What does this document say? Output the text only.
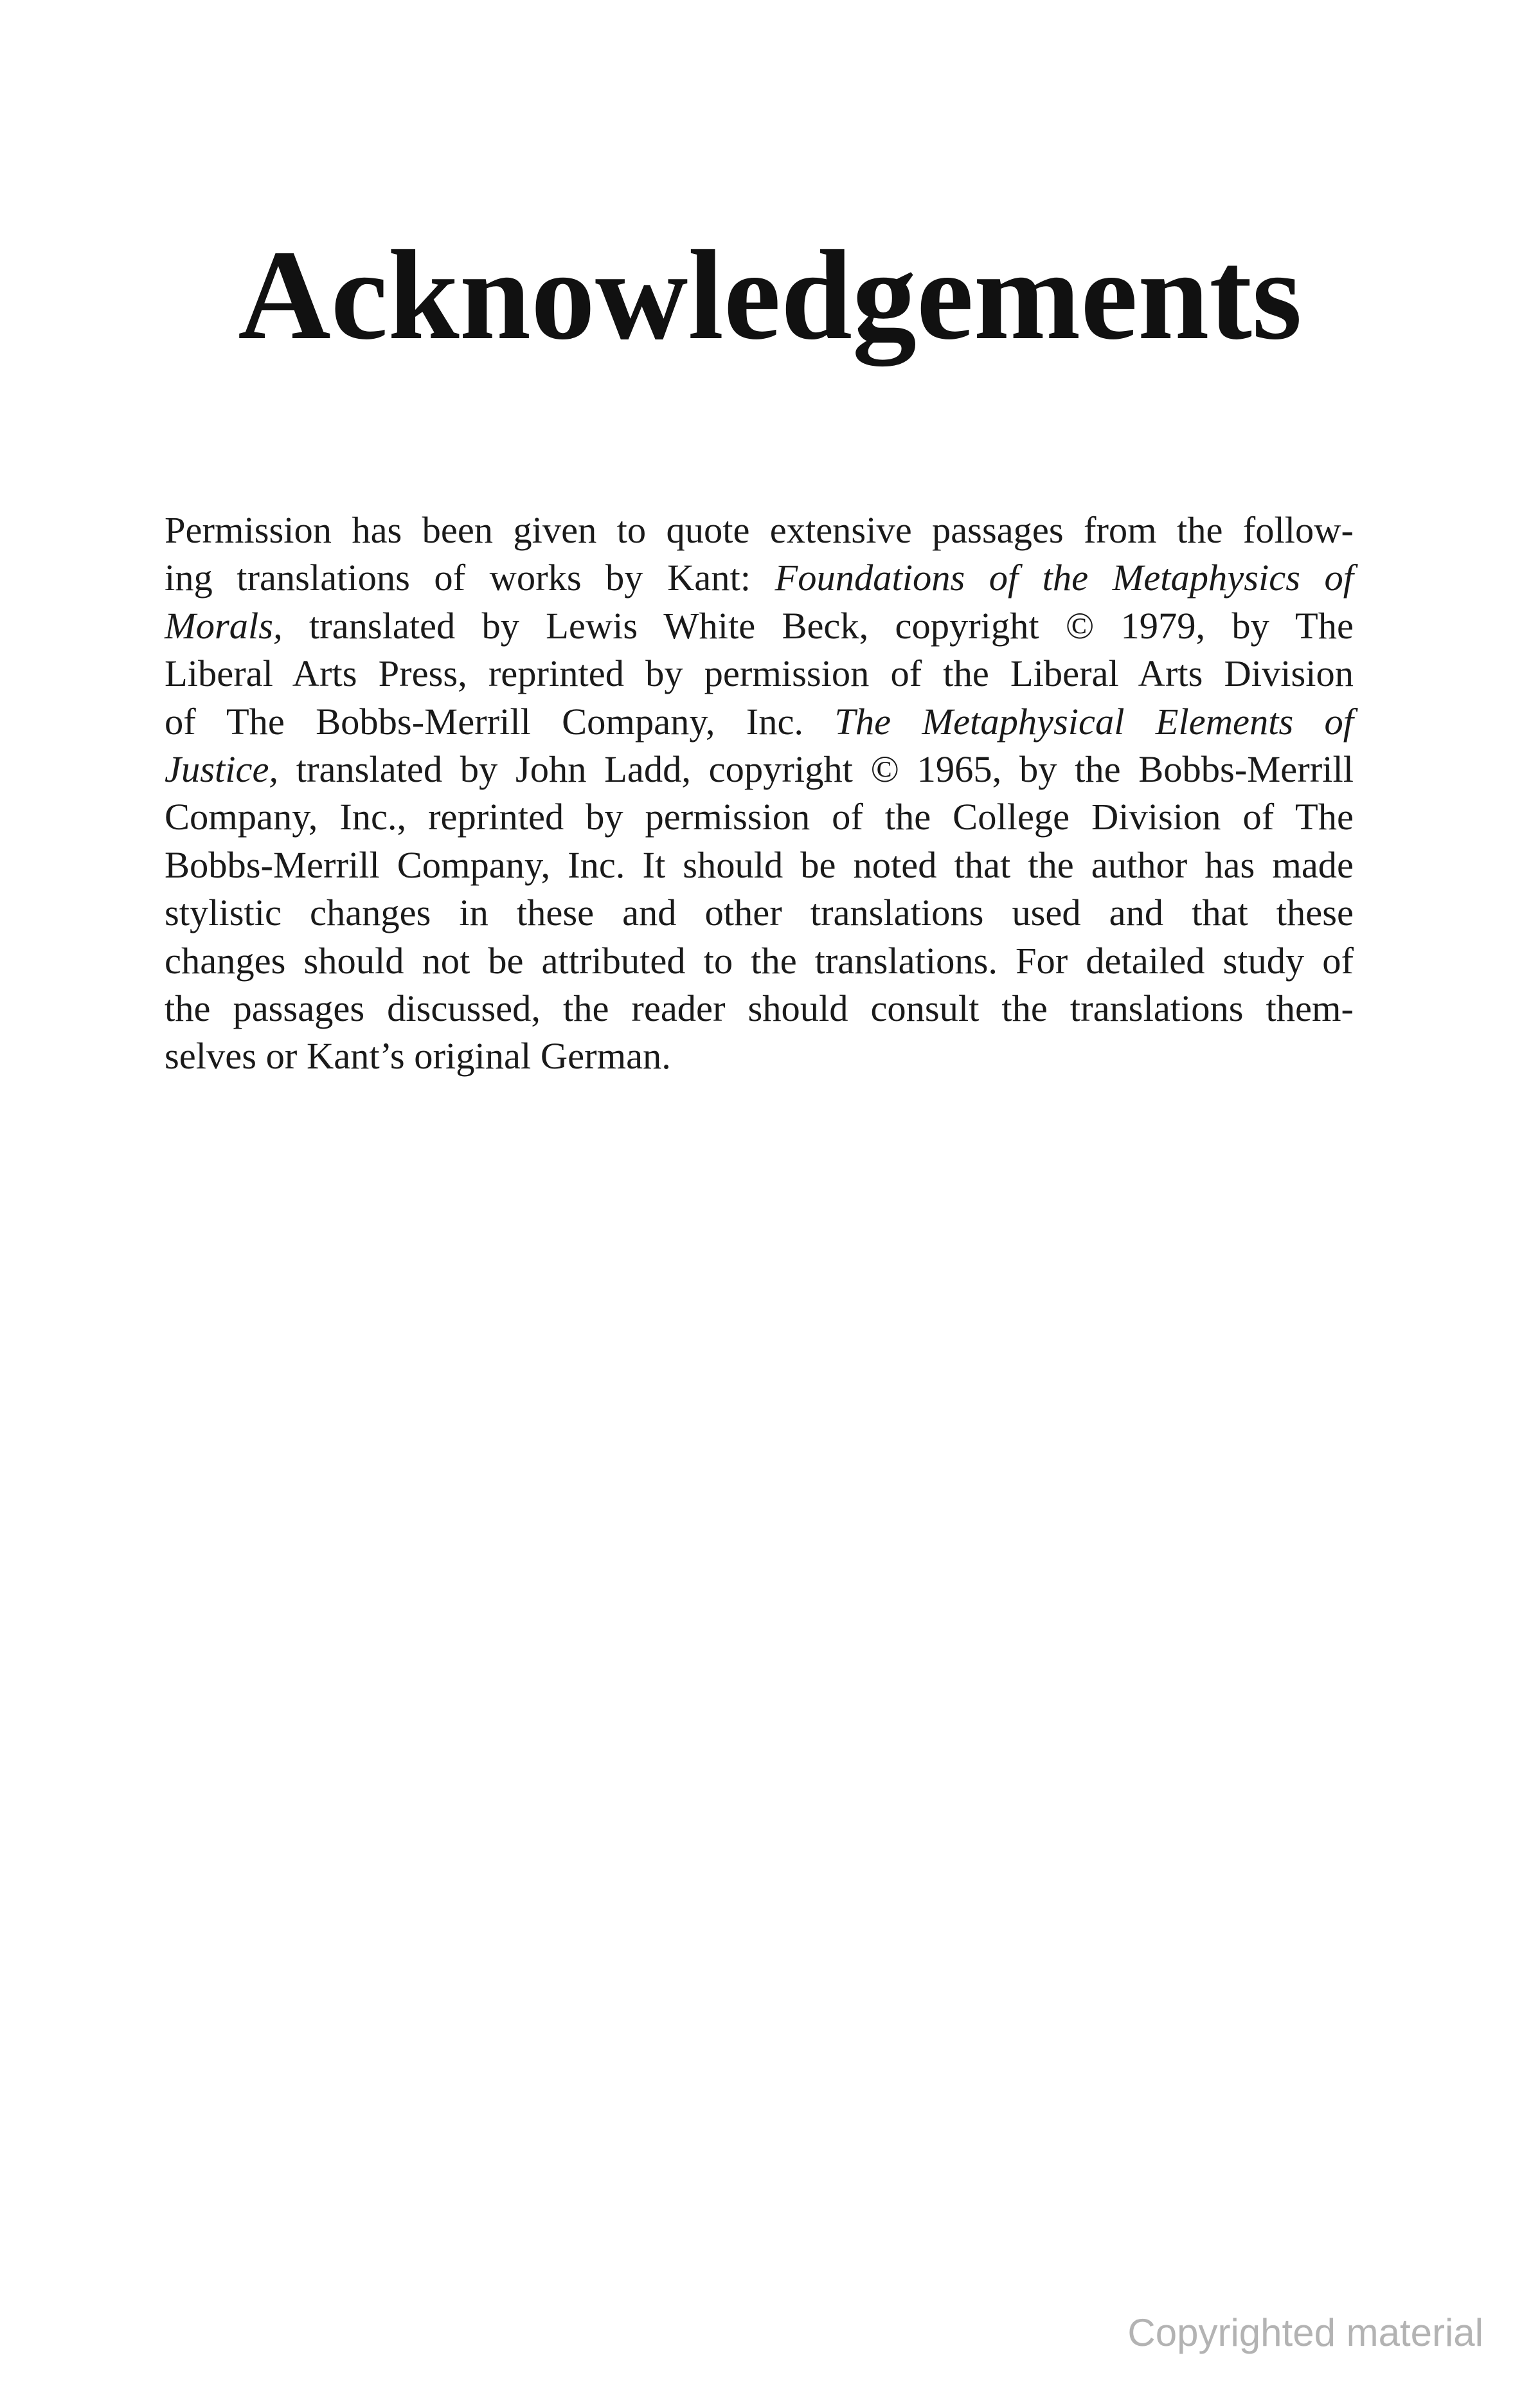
Acknowledgements

Permission has been given to quote extensive passages from the follow-
ing translations of works by Kant: Foundations of the Metaphysics of
Morals, translated by Lewis White Beck, copyright © 1979, by The
Liberal Arts Press, reprinted by permission of the Liberal Arts Division
of The Bobbs-Merrill Company, Inc. The Metaphysical Elements of
Justice, translated by John Ladd, copyright © 1965, by the Bobbs-Merrill
Company, Inc., reprinted by permission of the College Division of The
Bobbs-Merrill Company, Inc. It should be noted that the author has made
stylistic changes in these and other translations used and that these
changes should not be attributed to the translations. For detailed study of
the passages discussed, the reader should consult the translations them-
selves or Kant’s original German.

Copyrighted material
